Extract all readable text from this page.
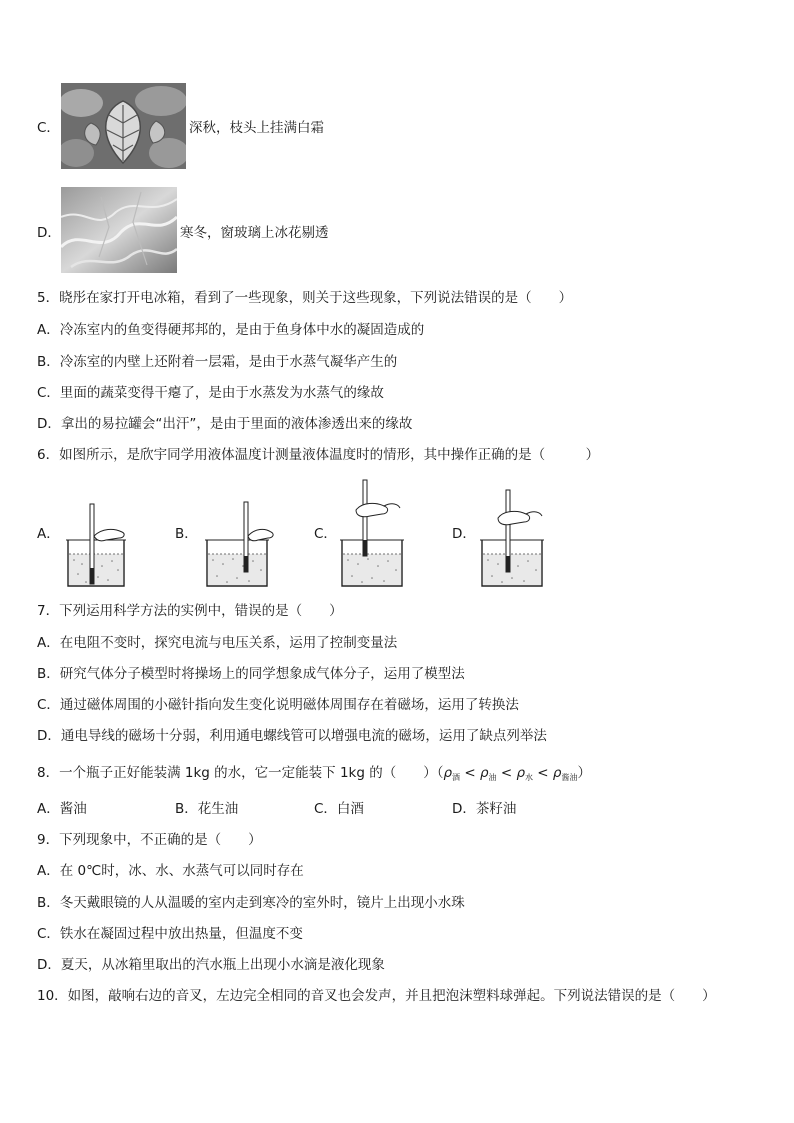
C．	深秋，枝头上挂满白霜
D．	寒冬，窗玻璃上冰花剔透
5．晓彤在家打开电冰箱，看到了一些现象，则关于这些现象，下列说法错误的是（　　）
A．冷冻室内的鱼变得硬邦邦的，是由于鱼身体中水的凝固造成的
B．冷冻室的内壁上还附着一层霜，是由于水蒸气凝华产生的
C．里面的蔬菜变得干瘪了，是由于水蒸发为水蒸气的缘故
D．拿出的易拉罐会“出汗”，是由于里面的液体渗透出来的缘故
6．如图所示，是欣宇同学用液体温度计测量液体温度时的情形，其中操作正确的是（　　　）
A．	B．	C．	D．
7．下列运用科学方法的实例中，错误的是（　　）
A．在电阻不变时，探究电流与电压关系，运用了控制变量法
B．研究气体分子模型时将操场上的同学想象成气体分子，运用了模型法
C．通过磁体周围的小磁针指向发生变化说明磁体周围存在着磁场，运用了转换法
D．通电导线的磁场十分弱，利用通电螺线管可以增强电流的磁场，运用了缺点列举法
8．一个瓶子正好能装满 1kg 的水，它一定能装下 1kg 的（　　）$(\rho_酒 < \rho_油 < \rho_水 < \rho_{酱油})$
A．酱油	B．花生油	C．白酒	D．茶籽油
9．下列现象中，不正确的是（　　）
A．在 0℃时，冰、水、水蒸气可以同时存在
B．冬天戴眼镜的人从温暖的室内走到寒冷的室外时，镜片上出现小水珠
C．铁水在凝固过程中放出热量，但温度不变
D．夏天，从冰箱里取出的汽水瓶上出现小水滴是液化现象
10．如图，敲响右边的音叉，左边完全相同的音叉也会发声，并且把泡沫塑料球弹起。下列说法错误的是（　　）
